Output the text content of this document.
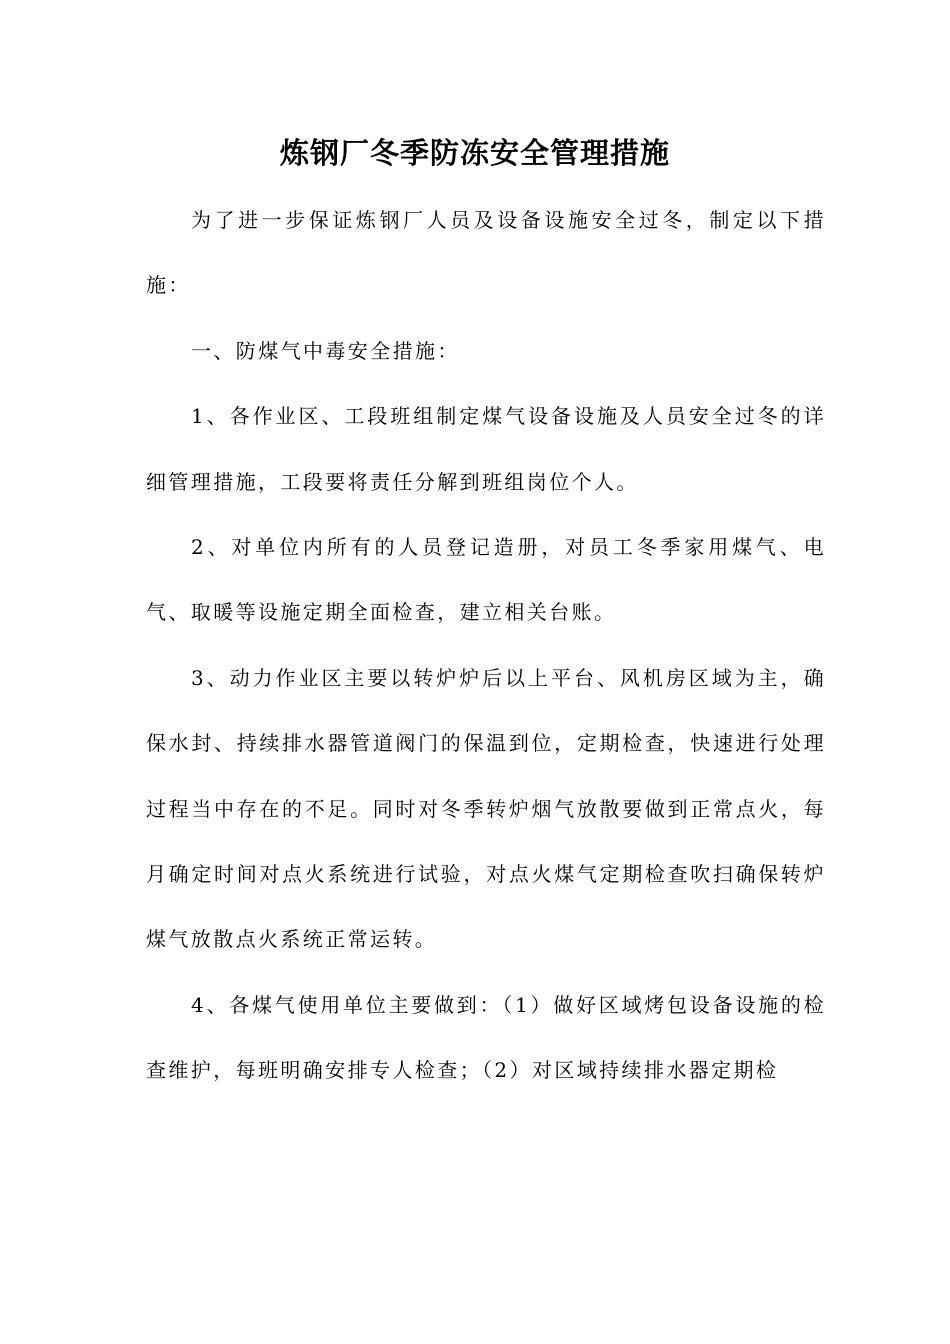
炼钢厂冬季防冻安全管理措施

为了进一步保证炼钢厂人员及设备设施安全过冬，制定以下措施：

一、防煤气中毒安全措施：

1、各作业区、工段班组制定煤气设备设施及人员安全过冬的详细管理措施，工段要将责任分解到班组岗位个人。

2、对单位内所有的人员登记造册，对员工冬季家用煤气、电气、取暖等设施定期全面检查，建立相关台账。

3、动力作业区主要以转炉炉后以上平台、风机房区域为主，确保水封、持续排水器管道阀门的保温到位，定期检查，快速进行处理过程当中存在的不足。同时对冬季转炉烟气放散要做到正常点火，每月确定时间对点火系统进行试验，对点火煤气定期检查吹扫确保转炉煤气放散点火系统正常运转。

4、各煤气使用单位主要做到：（1）做好区域烤包设备设施的检查维护，每班明确安排专人检查；（2）对区域持续排水器定期检
